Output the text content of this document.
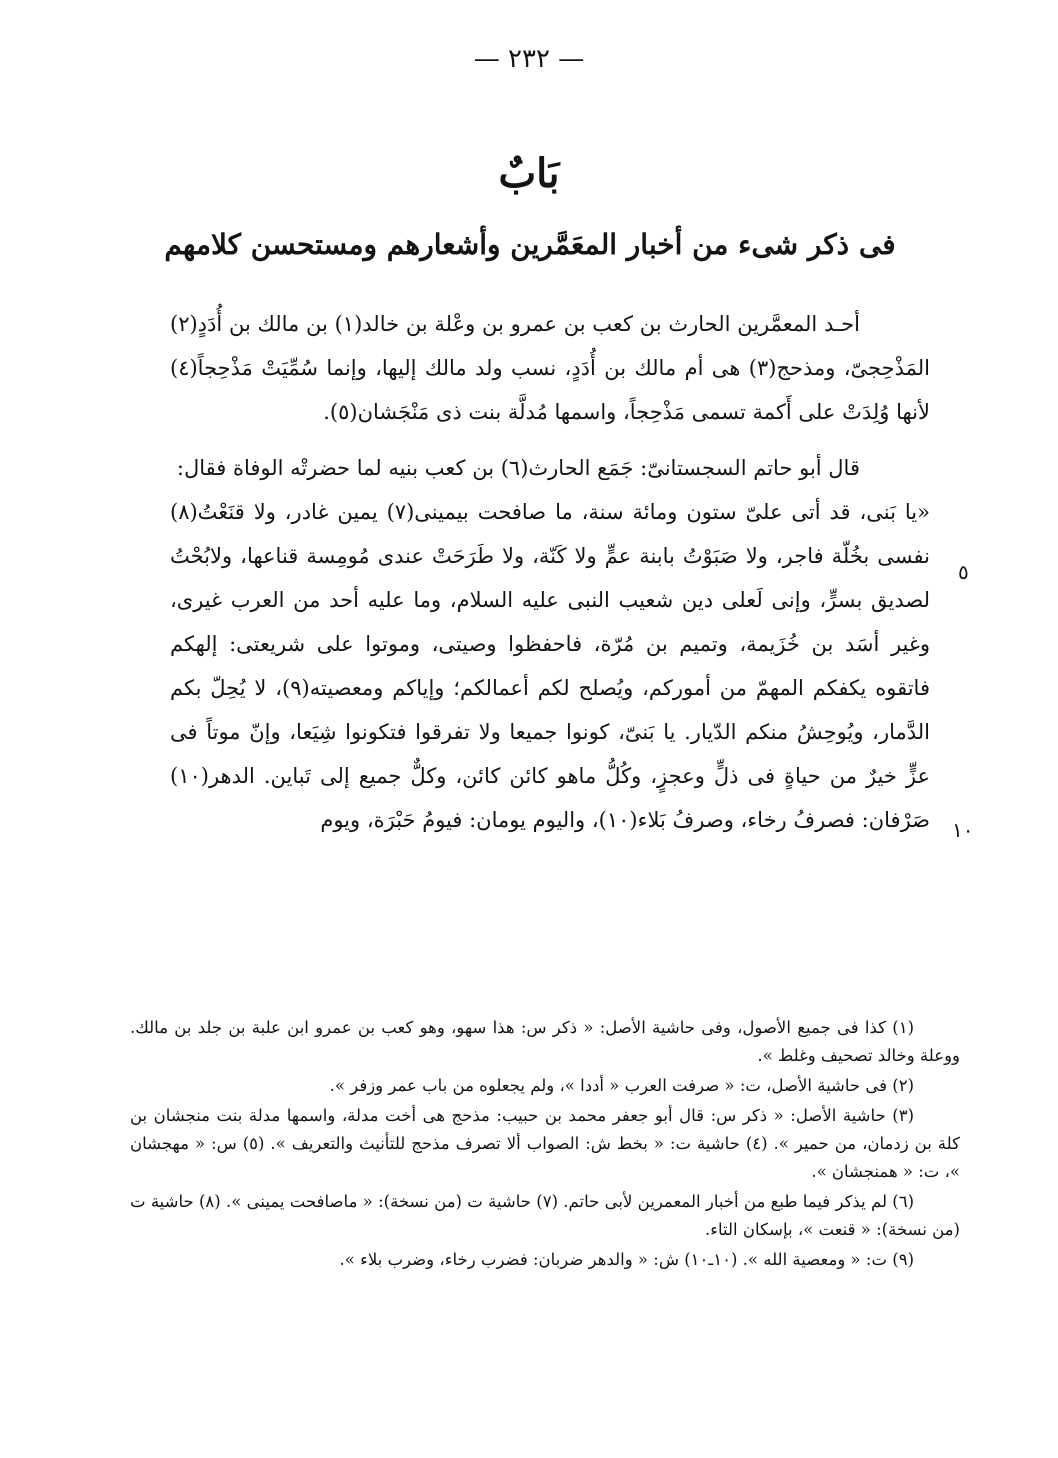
— ٢٣٢ —
بَابٌ
فى ذكر شىء من أخبار المعَمَّرين وأشعارهم ومستحسن كلامهم
٥
١٠

أحـد المعمَّرين الحارث بن كعب بن عمرو بن وعْلة بن خالد(١) بن مالك بن أُدَدٍ(٢) المَذْحِجىّ، ومذحج(٣) هى أم مالك بن أُدَدٍ، نسب ولد مالك إليها، وإنما سُمِّيَتْ مَذْحِجاً(٤) لأنها وُلِدَتْ على أَكمة تسمى مَذْحِجاً، واسمها مُدلَّة بنت ذى مَنْجَشان(٥).

قال أبو حاتم السجستانىّ: جَمَع الحارث(٦) بن كعب بنيه لما حضرتْه الوفاة فقال:

«يا بَنى، قد أتى علىّ ستون ومائة سنة، ما صافحت بيمينى(٧) يمين غادر، ولا قنَعْتُ(٨) نفسى بخُلّة فاجر، ولا صَبَوْتُ بابنة عمٍّ ولا كَنّة، ولا طَرَحَتْ عندى مُومِسة قناعها، ولابُحْتُ لصديق بسرٍّ، وإنى لَعلى دين شعيب النبى عليه السلام، وما عليه أحد من العرب غيرى، وغير أسَد بن خُزَيمة، وتميم بن مُرّة، فاحفظوا وصيتى، وموتوا على شريعتى: إلهكم فاتقوه يكفكم المهمّ من أموركم، ويُصلح لكم أعمالكم؛ وإياكم ومعصيته(٩)، لا يُحِلّ بكم الدَّمار، ويُوحِشُ منكم الدّيار. يا بَنىّ، كونوا جميعا ولا تفرقوا فتكونوا شِيَعا، وإنّ موتاً فى عزٍّ خيرٌ من حياةٍ فى ذلٍّ وعجزٍ، وكُلُّ ماهو كائن كائن، وكلٌّ جميع إلى تَباين. الدهر(١٠) صَرْفان: فصرفُ رخاء، وصرفُ بَلاء(١٠)، واليوم يومان: فيومُ حَبْرَة، ويوم

(١) كذا فى جميع الأصول، وفى حاشية الأصل: « ذكر س: هذا سهو، وهو كعب بن عمرو ابن علبة بن جلد بن مالك. ووعلة وخالد تصحيف وغلط ».

(٢) فى حاشية الأصل، ت: « صرفت العرب « أددا »، ولم يجعلوه من باب عمر وزفر ».

(٣) حاشية الأصل: « ذكر س: قال أبو جعفر محمد بن حبيب: مذحج هى أخت مدلة، واسمها مدلة بنت منجشان بن كلة بن زدمان، من حمير ». (٤) حاشية ت: « بخط ش: الصواب ألا تصرف مذحج للتأنيث والتعريف ». (٥) س: « مهجشان »، ت: « همنجشان ».

(٦) لم يذكر فيما طبع من أخبار المعمرين لأبى حاتم. (٧) حاشية ت (من نسخة): « ماصافحت يمينى ». (٨) حاشية ت (من نسخة): « قنعت »، بإسكان التاء.

(٩) ت: « ومعصية الله ». (١٠ـ١٠) ش: « والدهر ضربان: فضرب رخاء، وضرب بلاء ».
